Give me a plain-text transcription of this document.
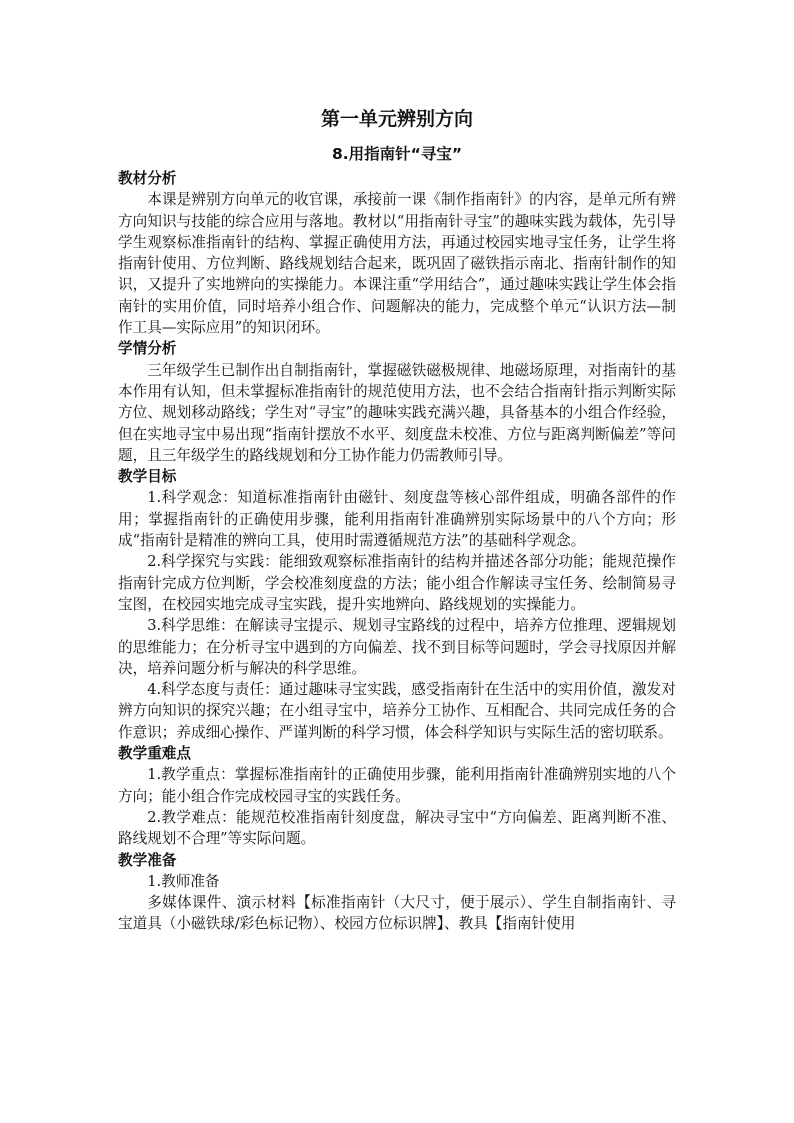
第一单元辨别方向
8.用指南针“寻宝”

教材分析

本课是辨别方向单元的收官课，承接前一课《制作指南针》的内容，是单元所有辨方向知识与技能的综合应用与落地。教材以“用指南针寻宝”的趣味实践为载体，先引导学生观察标准指南针的结构、掌握正确使用方法，再通过校园实地寻宝任务，让学生将指南针使用、方位判断、路线规划结合起来，既巩固了磁铁指示南北、指南针制作的知识，又提升了实地辨向的实操能力。本课注重“学用结合”，通过趣味实践让学生体会指南针的实用价值，同时培养小组合作、问题解决的能力，完成整个单元“认识方法—制作工具—实际应用”的知识闭环。

学情分析

三年级学生已制作出自制指南针，掌握磁铁磁极规律、地磁场原理，对指南针的基本作用有认知，但未掌握标准指南针的规范使用方法，也不会结合指南针指示判断实际方位、规划移动路线；学生对“寻宝”的趣味实践充满兴趣，具备基本的小组合作经验，但在实地寻宝中易出现“指南针摆放不水平、刻度盘未校准、方位与距离判断偏差”等问题，且三年级学生的路线规划和分工协作能力仍需教师引导。

教学目标

1.科学观念：知道标准指南针由磁针、刻度盘等核心部件组成，明确各部件的作用；掌握指南针的正确使用步骤，能利用指南针准确辨别实际场景中的八个方向；形成“指南针是精准的辨向工具，使用时需遵循规范方法”的基础科学观念。

2.科学探究与实践：能细致观察标准指南针的结构并描述各部分功能；能规范操作指南针完成方位判断，学会校准刻度盘的方法；能小组合作解读寻宝任务、绘制简易寻宝图，在校园实地完成寻宝实践，提升实地辨向、路线规划的实操能力。

3.科学思维：在解读寻宝提示、规划寻宝路线的过程中，培养方位推理、逻辑规划的思维能力；在分析寻宝中遇到的方向偏差、找不到目标等问题时，学会寻找原因并解决，培养问题分析与解决的科学思维。

4.科学态度与责任：通过趣味寻宝实践，感受指南针在生活中的实用价值，激发对辨方向知识的探究兴趣；在小组寻宝中，培养分工协作、互相配合、共同完成任务的合作意识；养成细心操作、严谨判断的科学习惯，体会科学知识与实际生活的密切联系。

教学重难点

1.教学重点：掌握标准指南针的正确使用步骤，能利用指南针准确辨别实地的八个方向；能小组合作完成校园寻宝的实践任务。

2.教学难点：能规范校准指南针刻度盘，解决寻宝中“方向偏差、距离判断不准、路线规划不合理”等实际问题。

教学准备

1.教师准备

多媒体课件、演示材料【标准指南针（大尺寸，便于展示）、学生自制指南针、寻宝道具（小磁铁球/彩色标记物）、校园方位标识牌】、教具【指南针使用
